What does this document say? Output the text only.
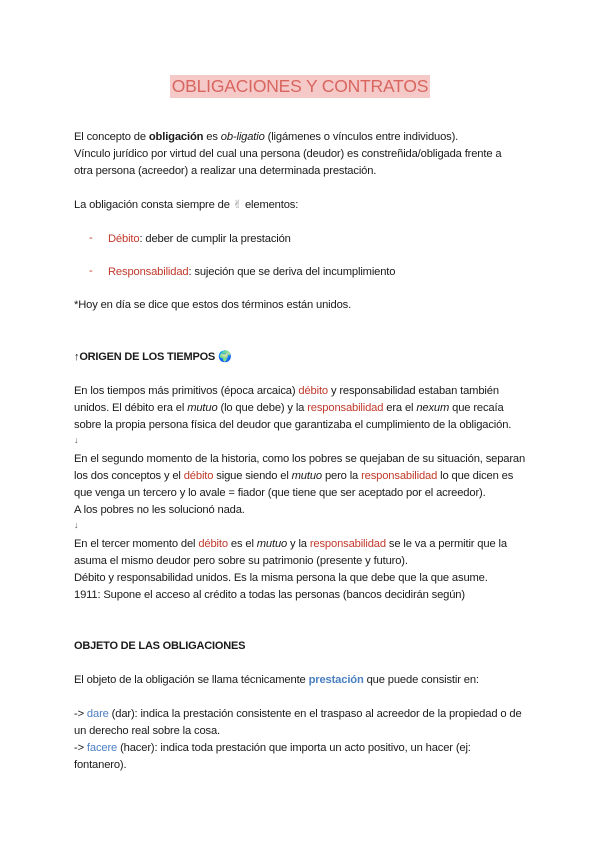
OBLIGACIONES Y CONTRATOS
El concepto de obligación es ob-ligatio (ligámenes o vínculos entre individuos).
Vínculo jurídico por virtud del cual una persona (deudor) es constreñida/obligada frente a
otra persona (acreedor) a realizar una determinada prestación.
La obligación consta siempre de ✌ elementos:
- Débito: deber de cumplir la prestación
- Responsabilidad: sujeción que se deriva del incumplimiento
*Hoy en día se dice que estos dos términos están unidos.
↑ORIGEN DE LOS TIEMPOS 🌍
En los tiempos más primitivos (época arcaica) débito y responsabilidad estaban también
unidos. El débito era el mutuo (lo que debe) y la responsabilidad era el nexum que recaía
sobre la propia persona física del deudor que garantizaba el cumplimiento de la obligación.
↓
En el segundo momento de la historia, como los pobres se quejaban de su situación, separan
los dos conceptos y el débito sigue siendo el mutuo pero la responsabilidad lo que dicen es
que venga un tercero y lo avale = fiador (que tiene que ser aceptado por el acreedor).
A los pobres no les solucionó nada.
↓
En el tercer momento del débito es el mutuo y la responsabilidad se le va a permitir que la
asuma el mismo deudor pero sobre su patrimonio (presente y futuro).
Débito y responsabilidad unidos. Es la misma persona la que debe que la que asume.
1911: Supone el acceso al crédito a todas las personas (bancos decidirán según)
OBJETO DE LAS OBLIGACIONES
El objeto de la obligación se llama técnicamente prestación que puede consistir en:
-> dare (dar): indica la prestación consistente en el traspaso al acreedor de la propiedad o de
un derecho real sobre la cosa.
-> facere (hacer): indica toda prestación que importa un acto positivo, un hacer (ej:
fontanero).
